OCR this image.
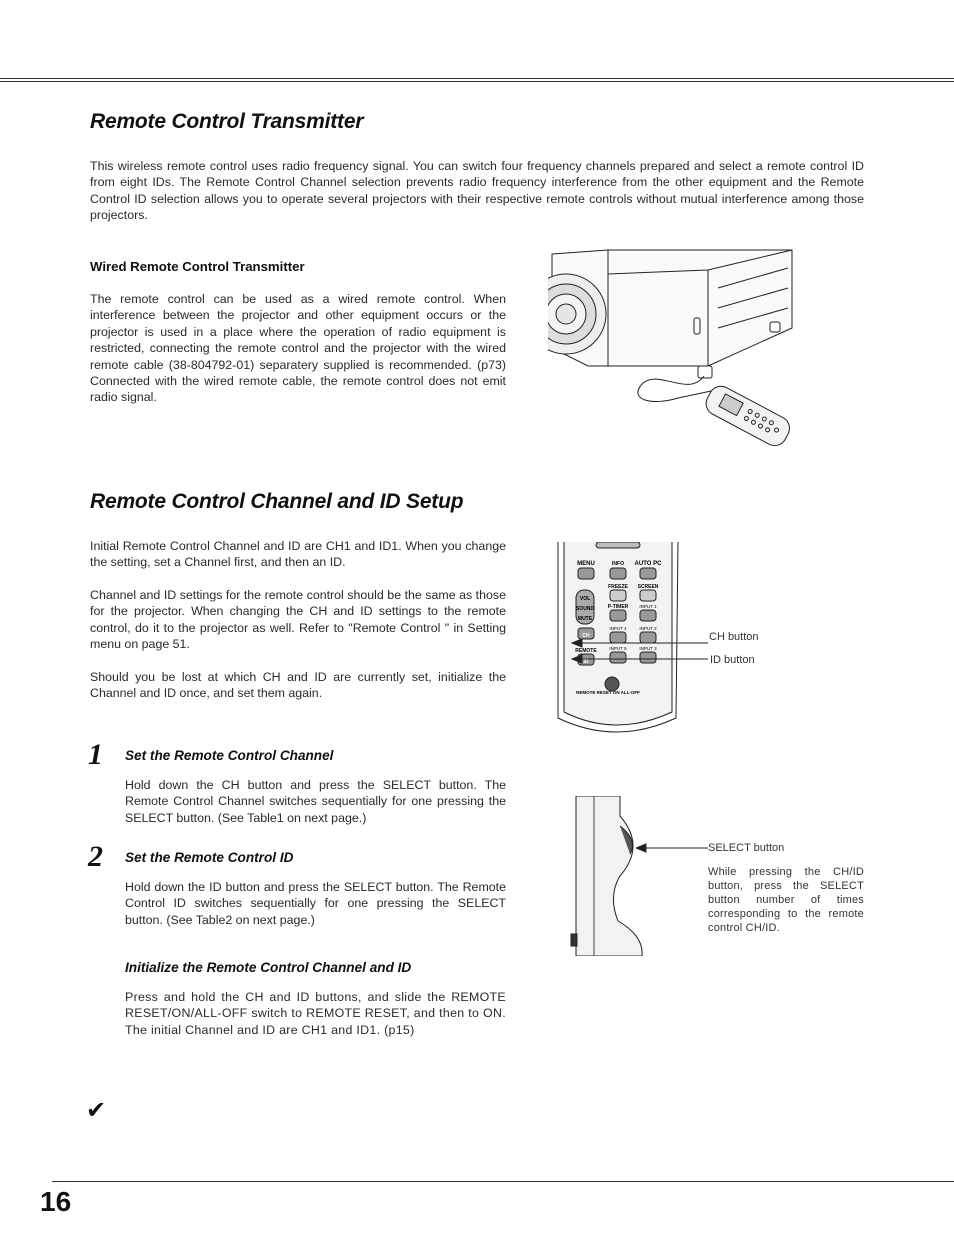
Remote Control Transmitter

This wireless remote control uses radio frequency signal. You can switch four frequency channels prepared and select a remote control ID from eight IDs. The Remote Control Channel selection prevents radio frequency interference from the other equipment and the Remote Control ID selection allows you to operate several projectors with their respective remote controls without mutual interference among those projectors.

Wired Remote Control Transmitter

The remote control can be used as a wired remote control. When interference between the projector and other equipment occurs or the projector is used in a place where the operation of radio equipment is restricted, connecting the remote control and the projector with the wired remote cable (38-804792-01) separatery supplied is recommended. (p73) Connected with the wired remote cable, the remote control does not emit radio signal.

Remote Control Channel and ID Setup

Initial Remote Control Channel and ID are CH1 and ID1. When you change the setting, set a Channel first, and then an ID.

Channel and ID settings for the remote control should be the same as those for the projector. When changing the CH and ID settings to the remote control, do it to the projector as well. Refer to "Remote Control " in Setting menu on page 51.

Should you be lost at which CH and ID are currently set, initialize the Channel and ID once, and set them again.

MENU	INFO AUTO PC
FREEZE SCREEN
VOL
SOUND	P-TIMER INPUT 1
MUTE
INPUT 4	INPUT 2
CH
REMOTE	INPUT 5	INPUT 3
ID
REMOTE RESET ON ALL-OFF
CH button
ID button
1 Set the Remote Control Channel

Hold down the CH button and press the SELECT button. The Remote Control Channel switches sequentially for one pressing the SELECT button. (See Table1 on next page.)

2 Set the Remote Control ID

Hold down the ID button and press the SELECT button. The Remote Control ID switches sequentially for one pressing the SELECT button. (See Table2 on next page.)

Initialize the Remote Control Channel and ID

Press and hold the CH and ID buttons, and slide the REMOTE RESET/ON/ALL-OFF switch to REMOTE RESET, and then to ON. The initial Channel and ID are CH1 and ID1. (p15)

SELECT button

While pressing the CH/ID button, press the SELECT button number of times corresponding to the remote control CH/ID.

✔
16
